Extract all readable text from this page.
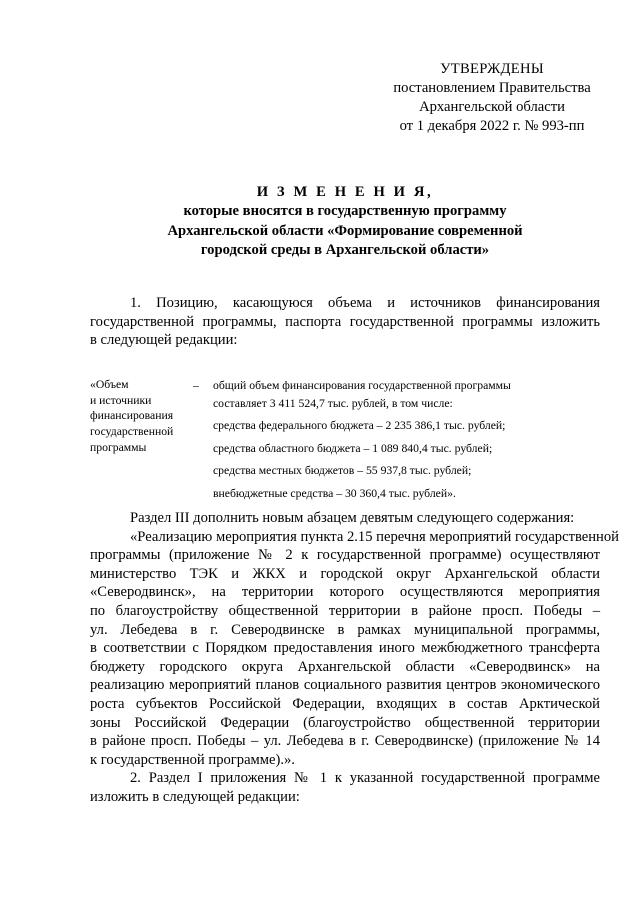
УТВЕРЖДЕНЫ
постановлением Правительства
Архангельской области
от 1 декабря 2022 г. № 993-пп
И З М Е Н Е Н И Я,
которые вносятся в государственную программу
Архангельской области «Формирование современной
городской среды в Архангельской области»
1. Позицию, касающуюся объема и источников финансирования
государственной программы, паспорта государственной программы изложить
в следующей редакции:
«Объем
и источники
финансирования
государственной
программы
– общий объем финансирования государственной программы
составляет 3 411 524,7 тыс. рублей, в том числе:
средства федерального бюджета – 2 235 386,1 тыс. рублей;
средства областного бюджета – 1 089 840,4 тыс. рублей;
средства местных бюджетов – 55 937,8 тыс. рублей;
внебюджетные средства – 30 360,4 тыс. рублей».
Раздел III дополнить новым абзацем девятым следующего содержания:
«Реализацию мероприятия пункта 2.15 перечня мероприятий государственной
программы (приложение № 2 к государственной программе) осуществляют
министерство ТЭК и ЖКХ и городской округ Архангельской области
«Северодвинск», на территории которого осуществляются мероприятия
по благоустройству общественной территории в районе просп. Победы –
ул. Лебедева в г. Северодвинске в рамках муниципальной программы,
в соответствии с Порядком предоставления иного межбюджетного трансферта
бюджету городского округа Архангельской области «Северодвинск» на
реализацию мероприятий планов социального развития центров экономического
роста субъектов Российской Федерации, входящих в состав Арктической
зоны Российской Федерации (благоустройство общественной территории
в районе просп. Победы – ул. Лебедева в г. Северодвинске) (приложение № 14
к государственной программе).».
2. Раздел I приложения № 1 к указанной государственной программе
изложить в следующей редакции:
